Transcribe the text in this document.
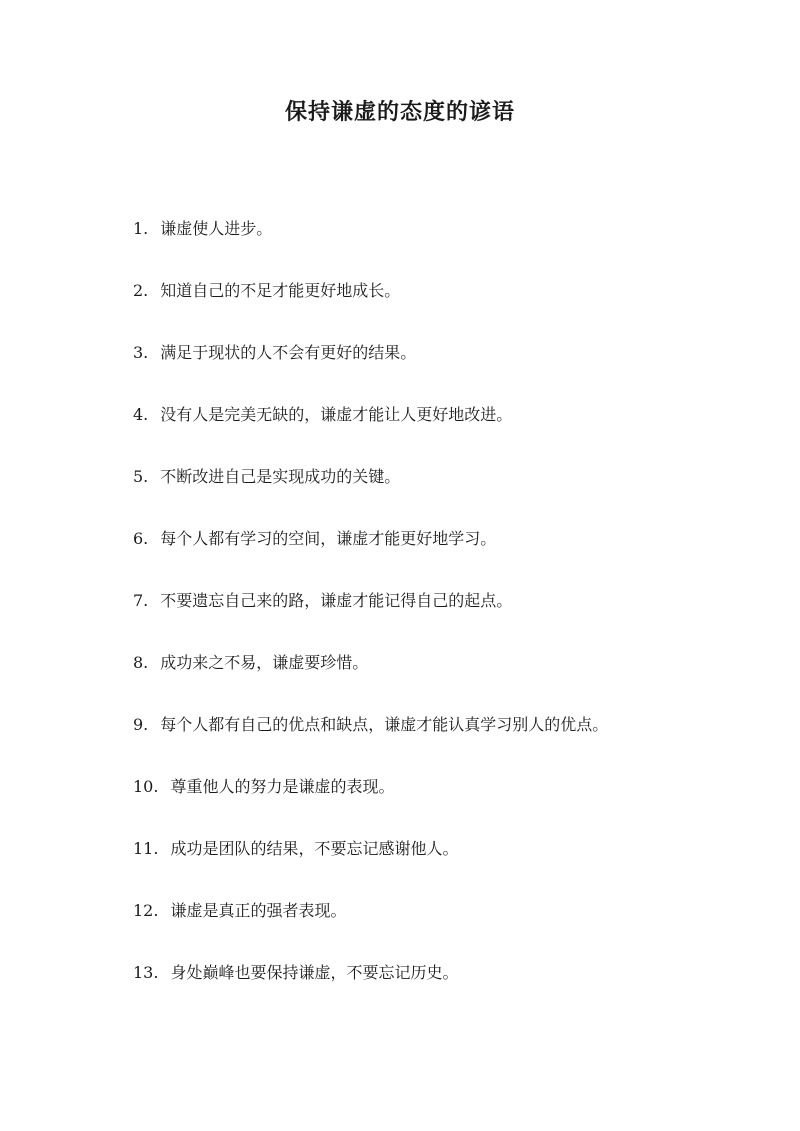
保持谦虚的态度的谚语
1. 谦虚使人进步。
2. 知道自己的不足才能更好地成长。
3. 满足于现状的人不会有更好的结果。
4. 没有人是完美无缺的，谦虚才能让人更好地改进。
5. 不断改进自己是实现成功的关键。
6. 每个人都有学习的空间，谦虚才能更好地学习。
7. 不要遗忘自己来的路，谦虚才能记得自己的起点。
8. 成功来之不易，谦虚要珍惜。
9. 每个人都有自己的优点和缺点，谦虚才能认真学习别人的优点。
10. 尊重他人的努力是谦虚的表现。
11. 成功是团队的结果，不要忘记感谢他人。
12. 谦虚是真正的强者表现。
13. 身处巅峰也要保持谦虚，不要忘记历史。
